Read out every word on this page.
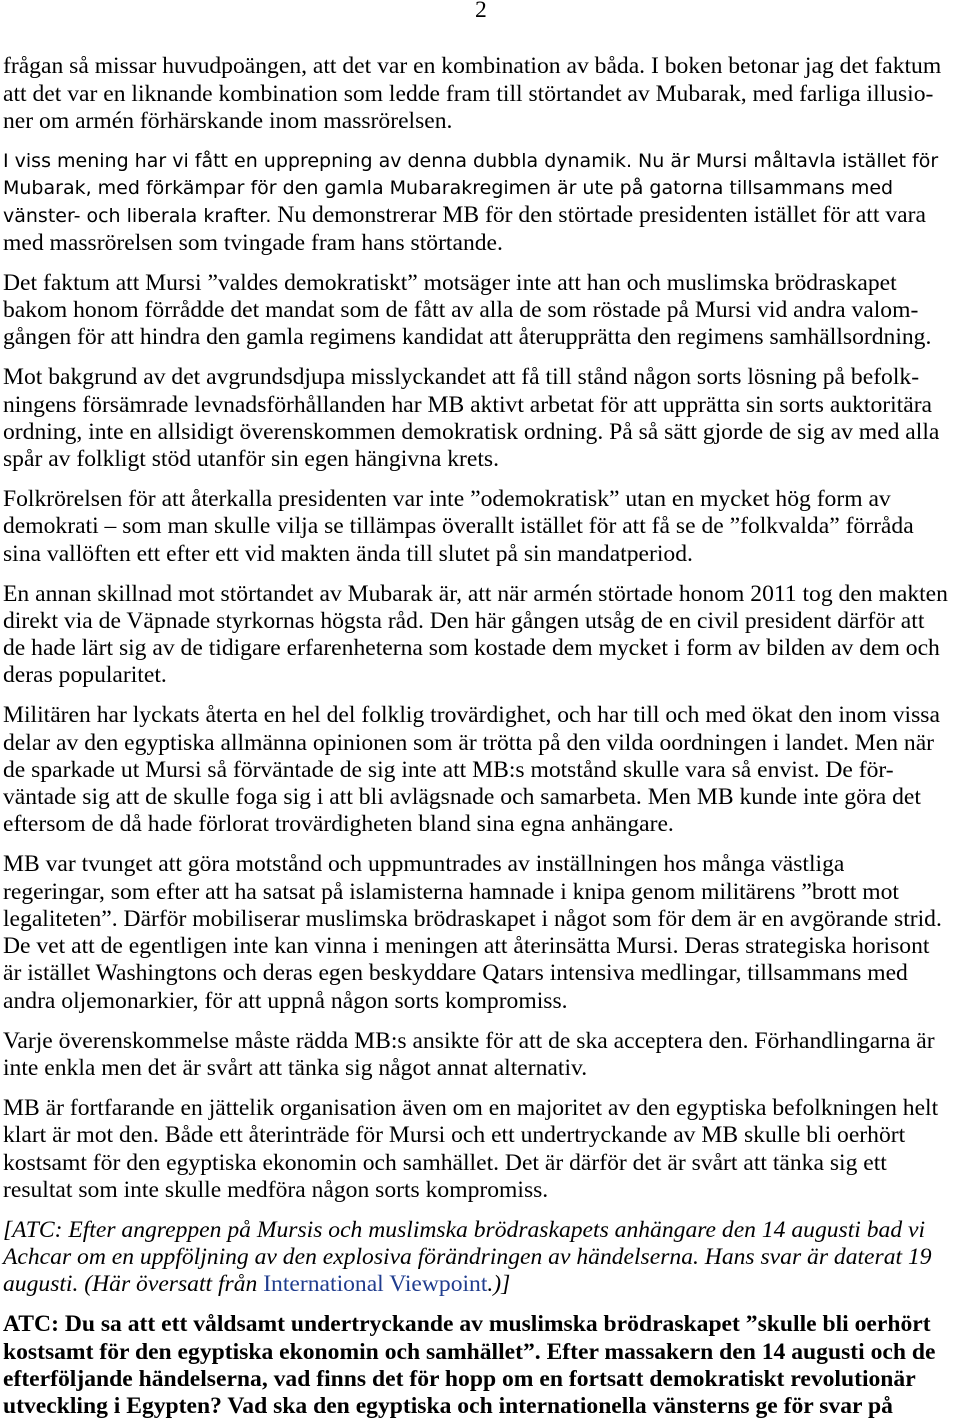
2
frågan så missar huvudpoängen, att det var en kombination av båda. I boken betonar jag det faktum
att det var en liknande kombination som ledde fram till störtandet av Mubarak, med farliga illusio-
ner om armén förhärskande inom massrörelsen.
I viss mening har vi fått en upprepning av denna dubbla dynamik. Nu är Mursi måltavla istället för
Mubarak, med förkämpar för den gamla Mubarakregimen är ute på gatorna tillsammans med
vänster- och liberala krafter. Nu demonstrerar MB för den störtade presidenten istället för att vara
med massrörelsen som tvingade fram hans störtande.
Det faktum att Mursi ”valdes demokratiskt” motsäger inte att han och muslimska brödraskapet
bakom honom förrådde det mandat som de fått av alla de som röstade på Mursi vid andra valom-
gången för att hindra den gamla regimens kandidat att återupprätta den regimens samhällsordning.
Mot bakgrund av det avgrundsdjupa misslyckandet att få till stånd någon sorts lösning på befolk-
ningens försämrade levnadsförhållanden har MB aktivt arbetat för att upprätta sin sorts auktoritära
ordning, inte en allsidigt överenskommen demokratisk ordning. På så sätt gjorde de sig av med alla
spår av folkligt stöd utanför sin egen hängivna krets.
Folkrörelsen för att återkalla presidenten var inte ”odemokratisk” utan en mycket hög form av
demokrati – som man skulle vilja se tillämpas överallt istället för att få se de ”folkvalda” förråda
sina vallöften ett efter ett vid makten ända till slutet på sin mandatperiod.
En annan skillnad mot störtandet av Mubarak är, att när armén störtade honom 2011 tog den makten
direkt via de Väpnade styrkornas högsta råd. Den här gången utsåg de en civil president därför att
de hade lärt sig av de tidigare erfarenheterna som kostade dem mycket i form av bilden av dem och
deras popularitet.
Militären har lyckats återta en hel del folklig trovärdighet, och har till och med ökat den inom vissa
delar av den egyptiska allmänna opinionen som är trötta på den vilda oordningen i landet. Men när
de sparkade ut Mursi så förväntade de sig inte att MB:s motstånd skulle vara så envist. De för-
väntade sig att de skulle foga sig i att bli avlägsnade och samarbeta. Men MB kunde inte göra det
eftersom de då hade förlorat trovärdigheten bland sina egna anhängare.
MB var tvunget att göra motstånd och uppmuntrades av inställningen hos många västliga
regeringar, som efter att ha satsat på islamisterna hamnade i knipa genom militärens ”brott mot
legaliteten”. Därför mobiliserar muslimska brödraskapet i något som för dem är en avgörande strid.
De vet att de egentligen inte kan vinna i meningen att återinsätta Mursi. Deras strategiska horisont
är istället Washingtons och deras egen beskyddare Qatars intensiva medlingar, tillsammans med
andra oljemonarkier, för att uppnå någon sorts kompromiss.
Varje överenskommelse måste rädda MB:s ansikte för att de ska acceptera den. Förhandlingarna är
inte enkla men det är svårt att tänka sig något annat alternativ.
MB är fortfarande en jättelik organisation även om en majoritet av den egyptiska befolkningen helt
klart är mot den. Både ett återinträde för Mursi och ett undertryckande av MB skulle bli oerhört
kostsamt för den egyptiska ekonomin och samhället. Det är därför det är svårt att tänka sig ett
resultat som inte skulle medföra någon sorts kompromiss.
[ATC: Efter angreppen på Mursis och muslimska brödraskapets anhängare den 14 augusti bad vi
Achcar om en uppföljning av den explosiva förändringen av händelserna. Hans svar är daterat 19
augusti. (Här översatt från International Viewpoint.)]
ATC: Du sa att ett våldsamt undertryckande av muslimska brödraskapet ”skulle bli oerhört
kostsamt för den egyptiska ekonomin och samhället”. Efter massakern den 14 augusti och de
efterföljande händelserna, vad finns det för hopp om en fortsatt demokratiskt revolutionär
utveckling i Egypten? Vad ska den egyptiska och internationella vänsterns ge för svar på
